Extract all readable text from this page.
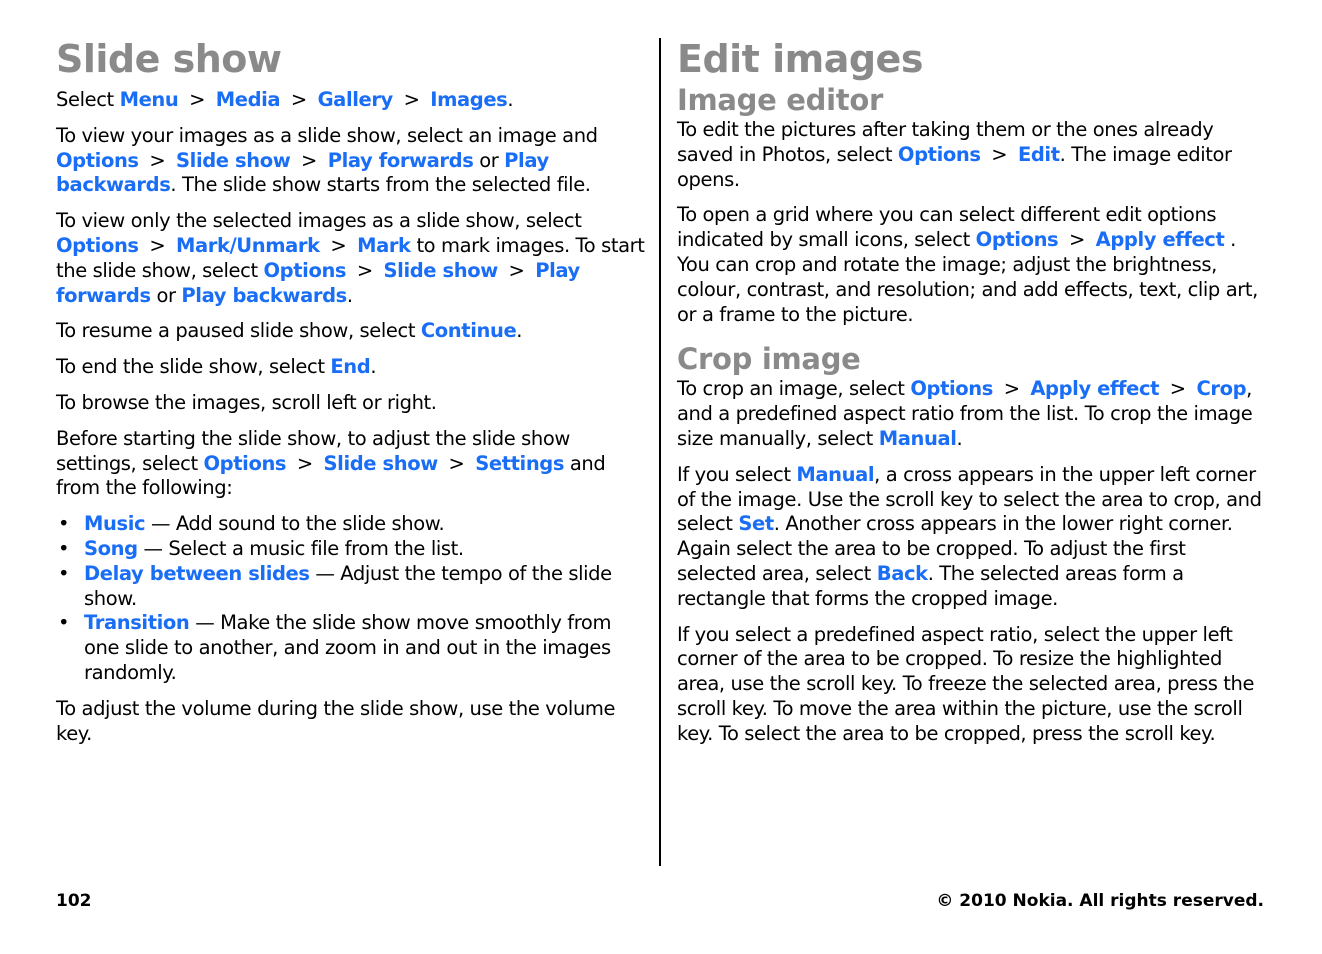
Slide show

Select Menu > Media > Gallery > Images.

To view your images as a slide show, select an image and Options > Slide show > Play forwards or Play backwards. The slide show starts from the selected file.

To view only the selected images as a slide show, select Options > Mark/Unmark > Mark to mark images. To start the slide show, select Options > Slide show > Play forwards or Play backwards.

To resume a paused slide show, select Continue.

To end the slide show, select End.

To browse the images, scroll left or right.

Before starting the slide show, to adjust the slide show settings, select Options > Slide show > Settings and from the following:

• Music — Add sound to the slide show.
• Song — Select a music file from the list.
• Delay between slides — Adjust the tempo of the slide show.
• Transition — Make the slide show move smoothly from one slide to another, and zoom in and out in the images randomly.

To adjust the volume during the slide show, use the volume key.

Edit images
Image editor

To edit the pictures after taking them or the ones already saved in Photos, select Options > Edit. The image editor opens.

To open a grid where you can select different edit options indicated by small icons, select Options > Apply effect . You can crop and rotate the image; adjust the brightness, colour, contrast, and resolution; and add effects, text, clip art, or a frame to the picture.

Crop image

To crop an image, select Options > Apply effect > Crop, and a predefined aspect ratio from the list. To crop the image size manually, select Manual.

If you select Manual, a cross appears in the upper left corner of the image. Use the scroll key to select the area to crop, and select Set. Another cross appears in the lower right corner. Again select the area to be cropped. To adjust the first selected area, select Back. The selected areas form a rectangle that forms the cropped image.

If you select a predefined aspect ratio, select the upper left corner of the area to be cropped. To resize the highlighted area, use the scroll key. To freeze the selected area, press the scroll key. To move the area within the picture, use the scroll key. To select the area to be cropped, press the scroll key.

102	© 2010 Nokia. All rights reserved.
